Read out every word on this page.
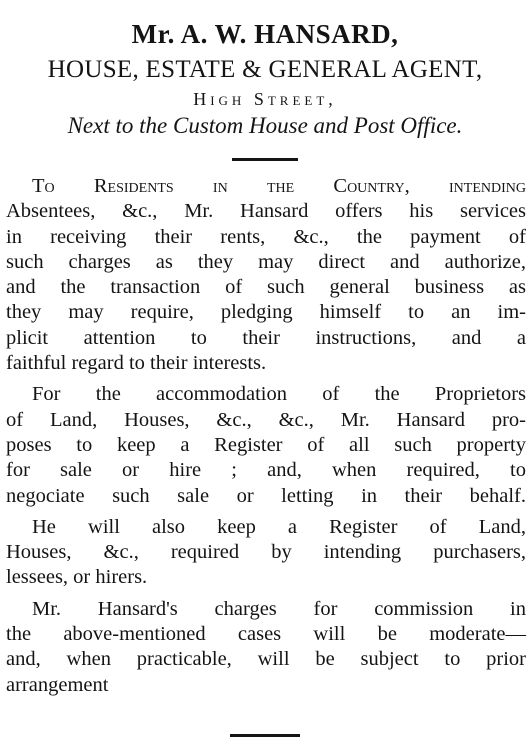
Mr. A. W. HANSARD,
HOUSE, ESTATE & GENERAL AGENT,
High Street,
Next to the Custom House and Post Office.
To Residents in the Country, intending
Absentees, &c., Mr. Hansard offers his services
in receiving their rents, &c., the payment of
such charges as they may direct and authorize,
and the transaction of such general business as
they may require, pledging himself to an im-
plicit attention to their instructions, and a
faithful regard to their interests.
For the accommodation of the Proprietors
of Land, Houses, &c., &c., Mr. Hansard pro-
poses to keep a Register of all such property
for sale or hire ; and, when required, to
negociate such sale or letting in their behalf.
He will also keep a Register of Land,
Houses, &c., required by intending purchasers,
lessees, or hirers.
Mr. Hansard's charges for commission in
the above-mentioned cases will be moderate—
and, when practicable, will be subject to prior
arrangement
